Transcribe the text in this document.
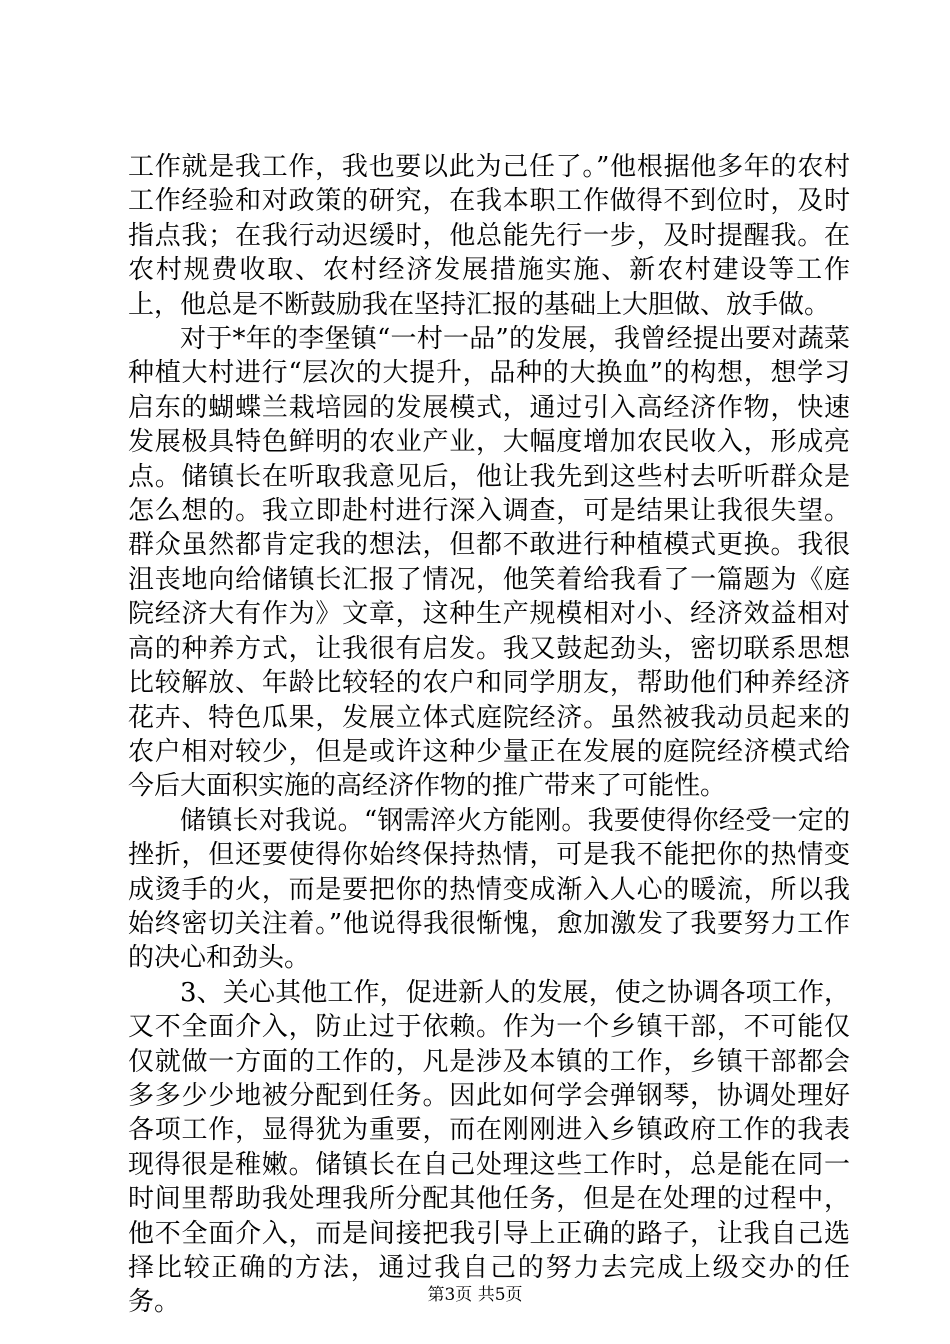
工作就是我工作，我也要以此为己任了。”他根据他多年的农村工作经验和对政策的研究，在我本职工作做得不到位时，及时指点我；在我行动迟缓时，他总能先行一步，及时提醒我。在农村规费收取、农村经济发展措施实施、新农村建设等工作上，他总是不断鼓励我在坚持汇报的基础上大胆做、放手做。

对于*年的李堡镇“一村一品”的发展，我曾经提出要对蔬菜种植大村进行“层次的大提升，品种的大换血”的构想，想学习启东的蝴蝶兰栽培园的发展模式，通过引入高经济作物，快速发展极具特色鲜明的农业产业，大幅度增加农民收入，形成亮点。储镇长在听取我意见后，他让我先到这些村去听听群众是怎么想的。我立即赴村进行深入调查，可是结果让我很失望。群众虽然都肯定我的想法，但都不敢进行种植模式更换。我很沮丧地向给储镇长汇报了情况，他笑着给我看了一篇题为《庭院经济大有作为》文章，这种生产规模相对小、经济效益相对高的种养方式，让我很有启发。我又鼓起劲头，密切联系思想比较解放、年龄比较轻的农户和同学朋友，帮助他们种养经济花卉、特色瓜果，发展立体式庭院经济。虽然被我动员起来的农户相对较少，但是或许这种少量正在发展的庭院经济模式给今后大面积实施的高经济作物的推广带来了可能性。

储镇长对我说。“钢需淬火方能刚。我要使得你经受一定的挫折，但还要使得你始终保持热情，可是我不能把你的热情变成烫手的火，而是要把你的热情变成渐入人心的暖流，所以我始终密切关注着。”他说得我很惭愧，愈加激发了我要努力工作的决心和劲头。

3、关心其他工作，促进新人的发展，使之协调各项工作，又不全面介入，防止过于依赖。作为一个乡镇干部，不可能仅仅就做一方面的工作的，凡是涉及本镇的工作，乡镇干部都会多多少少地被分配到任务。因此如何学会弹钢琴，协调处理好各项工作，显得犹为重要，而在刚刚进入乡镇政府工作的我表现得很是稚嫩。储镇长在自己处理这些工作时，总是能在同一时间里帮助我处理我所分配其他任务，但是在处理的过程中，他不全面介入，而是间接把我引导上正确的路子，让我自己选择比较正确的方法，通过我自己的努力去完成上级交办的任务。	第3页 共5页
